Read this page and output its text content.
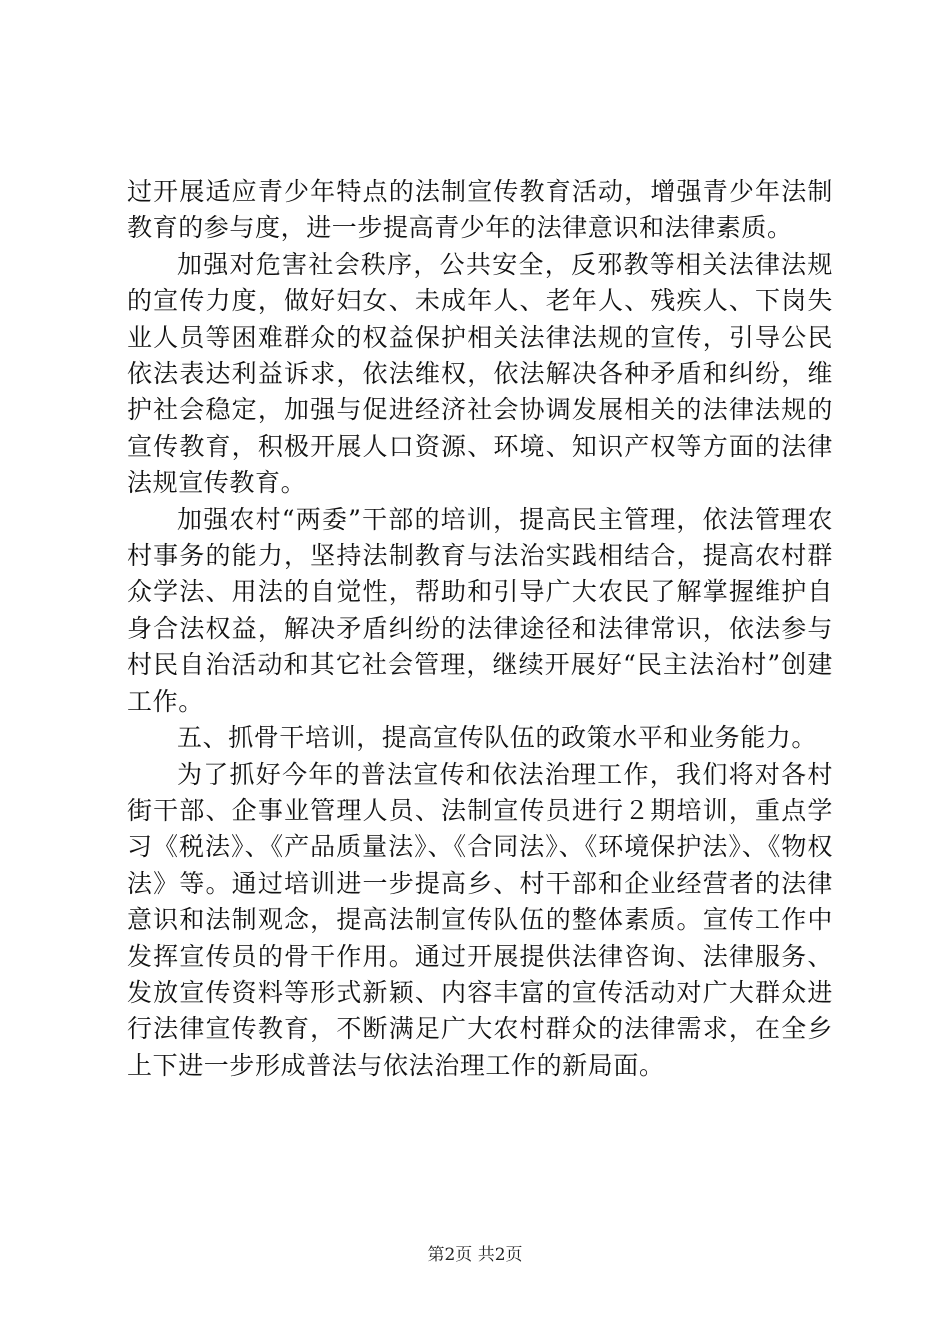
过开展适应青少年特点的法制宣传教育活动，增强青少年法制教育的参与度，进一步提高青少年的法律意识和法律素质。

加强对危害社会秩序，公共安全，反邪教等相关法律法规的宣传力度，做好妇女、未成年人、老年人、残疾人、下岗失业人员等困难群众的权益保护相关法律法规的宣传，引导公民依法表达利益诉求，依法维权，依法解决各种矛盾和纠纷，维护社会稳定，加强与促进经济社会协调发展相关的法律法规的宣传教育，积极开展人口资源、环境、知识产权等方面的法律法规宣传教育。

加强农村“两委”干部的培训，提高民主管理，依法管理农村事务的能力，坚持法制教育与法治实践相结合，提高农村群众学法、用法的自觉性，帮助和引导广大农民了解掌握维护自身合法权益，解决矛盾纠纷的法律途径和法律常识，依法参与村民自治活动和其它社会管理，继续开展好“民主法治村”创建工作。

五、抓骨干培训，提高宣传队伍的政策水平和业务能力。

为了抓好今年的普法宣传和依法治理工作，我们将对各村街干部、企事业管理人员、法制宣传员进行２期培训，重点学习《税法》、《产品质量法》、《合同法》、《环境保护法》、《物权法》等。通过培训进一步提高乡、村干部和企业经营者的法律意识和法制观念，提高法制宣传队伍的整体素质。宣传工作中发挥宣传员的骨干作用。通过开展提供法律咨询、法律服务、发放宣传资料等形式新颖、内容丰富的宣传活动对广大群众进行法律宣传教育，不断满足广大农村群众的法律需求，在全乡上下进一步形成普法与依法治理工作的新局面。

第2页 共2页
